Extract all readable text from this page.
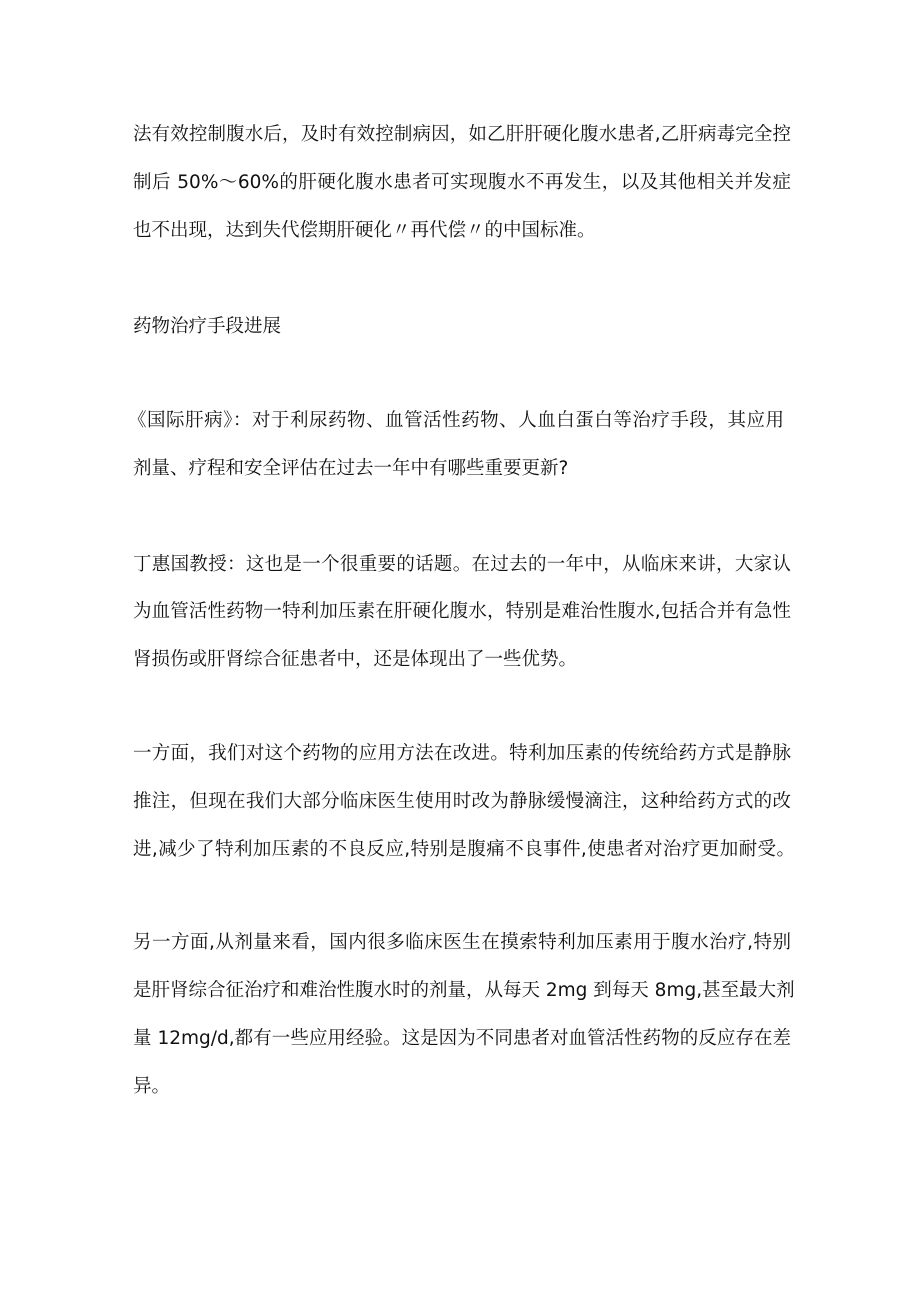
法有效控制腹水后，及时有效控制病因，如乙肝肝硬化腹水患者,乙肝病毒完全控
制后 50%～60%的肝硬化腹水患者可实现腹水不再发生，以及其他相关并发症
也不出现，达到失代偿期肝硬化〃再代偿〃的中国标准。
药物治疗手段进展
《国际肝病》：对于利尿药物、血管活性药物、人血白蛋白等治疗手段，其应用
剂量、疗程和安全评估在过去一年中有哪些重要更新?
丁惠国教授：这也是一个很重要的话题。在过去的一年中，从临床来讲，大家认
为血管活性药物一特利加压素在肝硬化腹水，特别是难治性腹水,包括合并有急性
肾损伤或肝肾综合征患者中，还是体现出了一些优势。
一方面，我们对这个药物的应用方法在改进。特利加压素的传统给药方式是静脉
推注，但现在我们大部分临床医生使用时改为静脉缓慢滴注，这种给药方式的改
进,减少了特利加压素的不良反应,特别是腹痛不良事件,使患者对治疗更加耐受。
另一方面,从剂量来看，国内很多临床医生在摸索特利加压素用于腹水治疗,特别
是肝肾综合征治疗和难治性腹水时的剂量，从每天 2mg 到每天 8mg,甚至最大剂
量 12mg/d,都有一些应用经验。这是因为不同患者对血管活性药物的反应存在差
异。
